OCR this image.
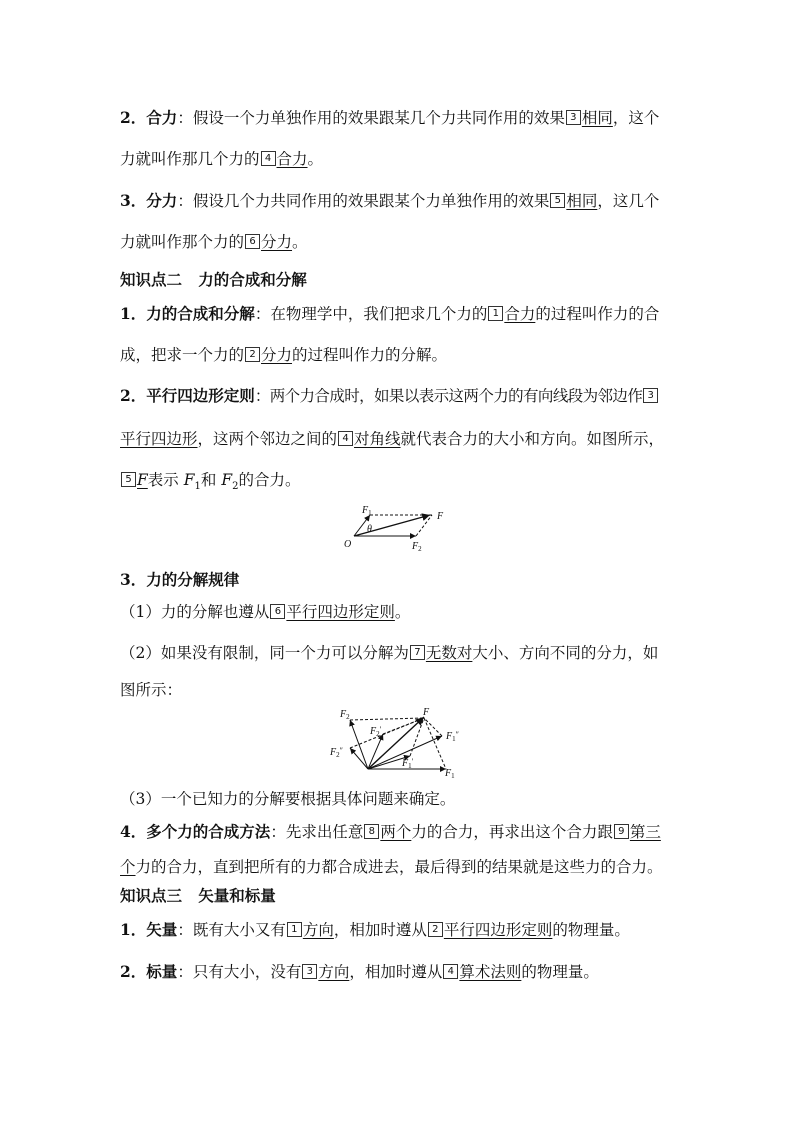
2．合力：假设一个力单独作用的效果跟某几个力共同作用的效果 3 相同，这个
力就叫作那几个力的 4 合力。
3．分力：假设几个力共同作用的效果跟某个力单独作用的效果 5 相同，这几个
力就叫作那个力的 6 分力。
知识点二 力的合成和分解
1．力的合成和分解：在物理学中，我们把求几个力的 1 合力的过程叫作力的合
成，把求一个力的 2 分力的过程叫作力的分解。
2．平行四边形定则：两个力合成时，如果以表示这两个力的有向线段为邻边作 3
平行四边形，这两个邻边之间的 4 对角线就代表合力的大小和方向。如图所示，
5 F表示 $F_1$和 $F_2$的合力。
$F_1$
θ
F
O	$F_2$
3．力的分解规律
（1）力的分解也遵从 6 平行四边形定则。
（2）如果没有限制，同一个力可以分解为 7 无数对大小、方向不同的分力，如
图所示：
$F_2$	F
$F_2'$
$F_2''$
$F_1''$
$F_1'$
$F_1$
（3）一个已知力的分解要根据具体问题来确定。
4．多个力的合成方法：先求出任意 8 两个力的合力，再求出这个合力跟 9 第三
个力的合力，直到把所有的力都合成进去，最后得到的结果就是这些力的合力。
知识点三 矢量和标量
1．矢量：既有大小又有 1 方向，相加时遵从 2 平行四边形定则的物理量。
2．标量：只有大小，没有 3 方向，相加时遵从 4 算术法则的物理量。
